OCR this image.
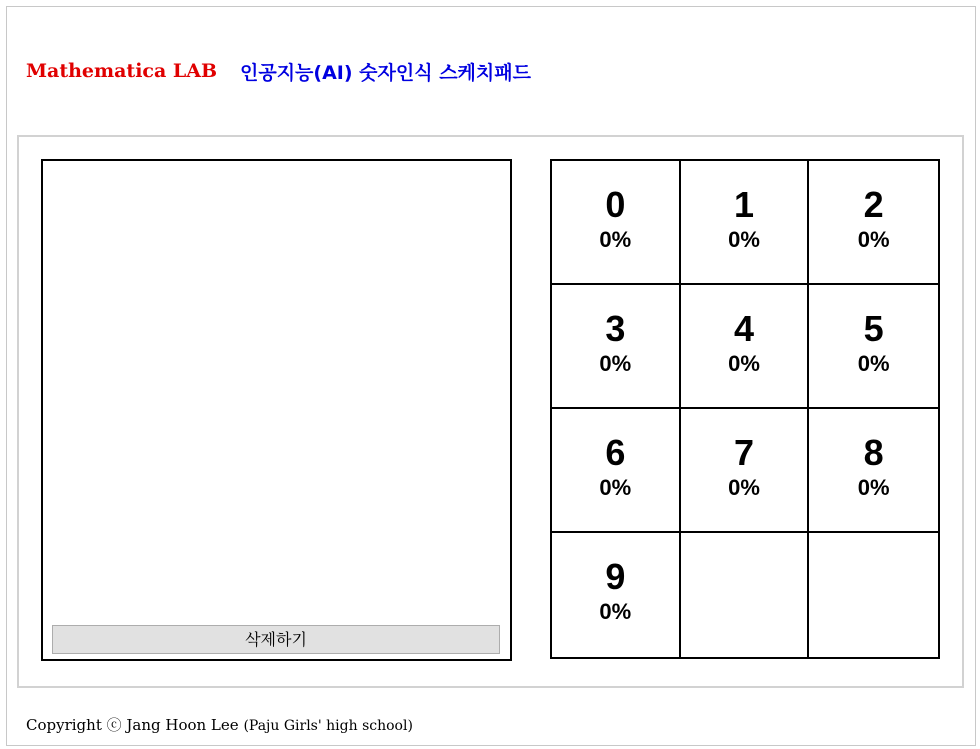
Mathematica LAB 인공지능(AI) 숫자인식 스케치패드
삭제하기
0
0%
1
0%
2
0%
3
0%
4
0%
5
0%
6
0%
7
0%
8
0%
9
0%
Copyright ⓒ Jang Hoon Lee (Paju Girls' high school)
